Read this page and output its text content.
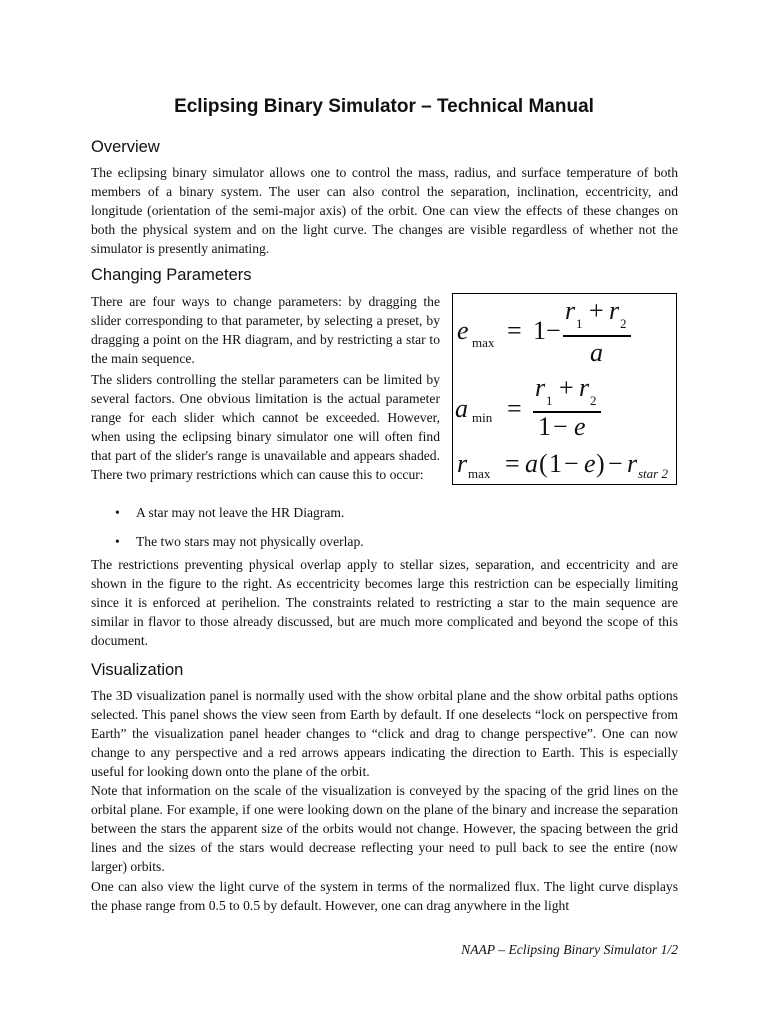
Eclipsing Binary Simulator – Technical Manual
Overview

The eclipsing binary simulator allows one to control the mass, radius, and surface temperature of both members of a binary system. The user can also control the separation, inclination, eccentricity, and longitude (orientation of the semi-major axis) of the orbit. One can view the effects of these changes on both the physical system and on the light curve. The changes are visible regardless of whether not the simulator is presently animating.

Changing Parameters

There are four ways to change parameters: by dragging the slider corresponding to that parameter, by selecting a preset, by dragging a point on the HR diagram, and by restricting a star to the main sequence.

The sliders controlling the stellar parameters can be limited by several factors. One obvious limitation is the actual parameter range for each slider which cannot be exceeded. However, when using the eclipsing binary simulator one will often find that part of the slider's range is unavailable and appears shaded. There two primary restrictions which can cause this to occur:

e max = 1 −
r 1 + r 2
a
a min =
r 1 + r 2
1 − e
r max = a ( 1 − e ) − r star 2
• A star may not leave the HR Diagram.
• The two stars may not physically overlap.

The restrictions preventing physical overlap apply to stellar sizes, separation, and eccentricity and are shown in the figure to the right. As eccentricity becomes large this restriction can be especially limiting since it is enforced at perihelion. The constraints related to restricting a star to the main sequence are similar in flavor to those already discussed, but are much more complicated and beyond the scope of this document.

Visualization

The 3D visualization panel is normally used with the show orbital plane and the show orbital paths options selected. This panel shows the view seen from Earth by default. If one deselects “lock on perspective from Earth” the visualization panel header changes to “click and drag to change perspective”. One can now change to any perspective and a red arrows appears indicating the direction to Earth. This is especially useful for looking down onto the plane of the orbit.

Note that information on the scale of the visualization is conveyed by the spacing of the grid lines on the orbital plane. For example, if one were looking down on the plane of the binary and increase the separation between the stars the apparent size of the orbits would not change. However, the spacing between the grid lines and the sizes of the stars would decrease reflecting your need to pull back to see the entire (now larger) orbits.

One can also view the light curve of the system in terms of the normalized flux. The light curve displays the phase range from 0.5 to 0.5 by default. However, one can drag anywhere in the light

NAAP – Eclipsing Binary Simulator 1/2
